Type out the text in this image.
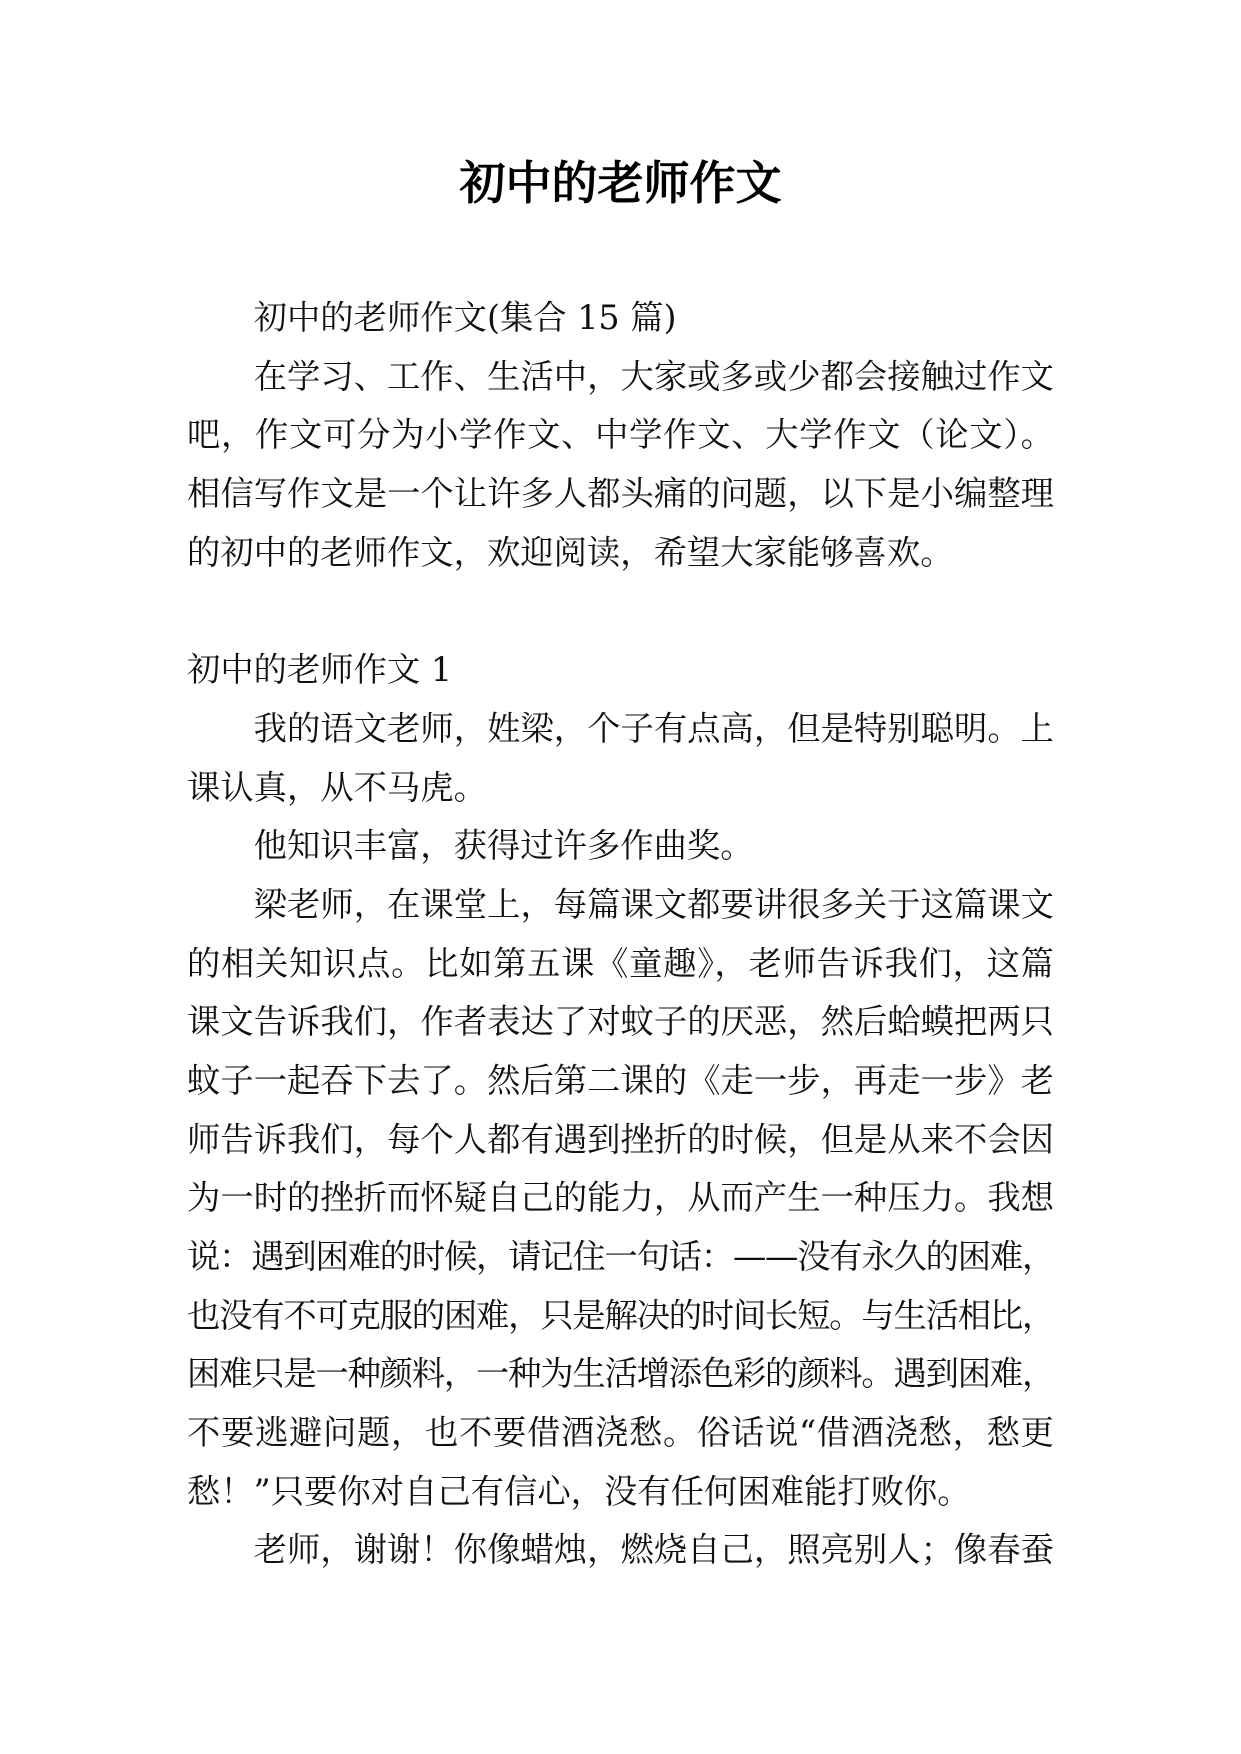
初中的老师作文
初中的老师作文(集合 15 篇)
在学习、工作、生活中，大家或多或少都会接触过作文
吧，作文可分为小学作文、中学作文、大学作文（论文）。
相信写作文是一个让许多人都头痛的问题，以下是小编整理
的初中的老师作文，欢迎阅读，希望大家能够喜欢。
初中的老师作文 1
我的语文老师，姓梁，个子有点高，但是特别聪明。上
课认真，从不马虎。
他知识丰富，获得过许多作曲奖。
梁老师，在课堂上，每篇课文都要讲很多关于这篇课文
的相关知识点。比如第五课《童趣》，老师告诉我们，这篇
课文告诉我们，作者表达了对蚊子的厌恶，然后蛤蟆把两只
蚊子一起吞下去了。然后第二课的《走一步，再走一步》老
师告诉我们，每个人都有遇到挫折的时候，但是从来不会因
为一时的挫折而怀疑自己的能力，从而产生一种压力。我想
说：遇到困难的时候，请记住一句话：——没有永久的困难，
也没有不可克服的困难，只是解决的时间长短。与生活相比，
困难只是一种颜料，一种为生活增添色彩的颜料。遇到困难，
不要逃避问题，也不要借酒浇愁。俗话说“借酒浇愁，愁更
愁！”只要你对自己有信心，没有任何困难能打败你。
老师，谢谢！你像蜡烛，燃烧自己，照亮别人；像春蚕
